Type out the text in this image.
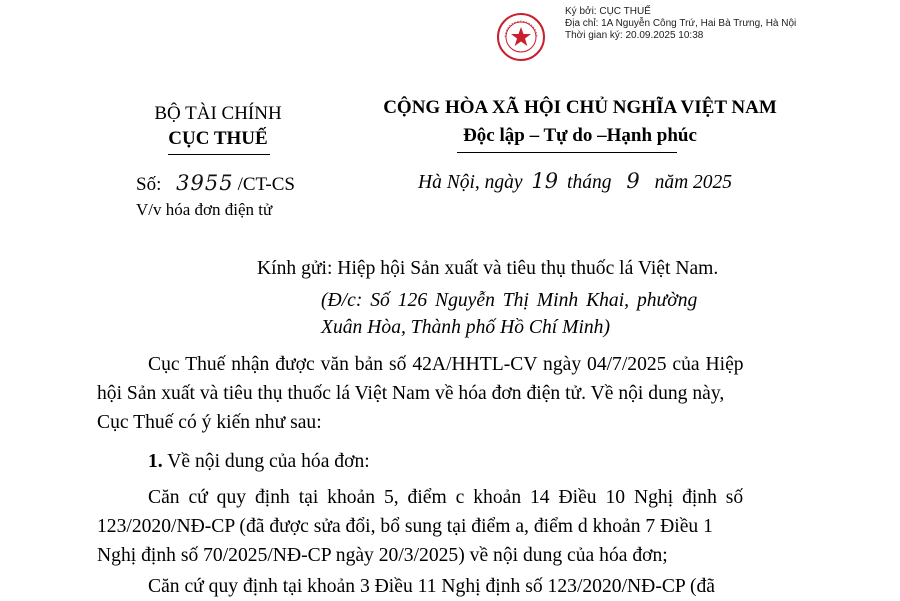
Ký bởi: CỤC THUẾ
Địa chỉ: 1A Nguyễn Công Trứ, Hai Bà Trưng, Hà Nội
Thời gian ký: 20.09.2025 10:38
BỘ TÀI CHÍNH
CỤC THUẾ
Số: 3955 /CT-CS
V/v hóa đơn điện tử
CỘNG HÒA XÃ HỘI CHỦ NGHĨA VIỆT NAM
Độc lập – Tự do –Hạnh phúc
Hà Nội, ngày 19 tháng 9 năm 2025
Kính gửi: Hiệp hội Sản xuất và tiêu thụ thuốc lá Việt Nam.
(Đ/c: Số 126 Nguyễn Thị Minh Khai, phường
Xuân Hòa, Thành phố Hồ Chí Minh)
Cục Thuế nhận được văn bản số 42A/HHTL-CV ngày 04/7/2025 của Hiệp
hội Sản xuất và tiêu thụ thuốc lá Việt Nam về hóa đơn điện tử. Về nội dung này,
Cục Thuế có ý kiến như sau:
1. Về nội dung của hóa đơn:
Căn cứ quy định tại khoản 5, điểm c khoản 14 Điều 10 Nghị định số
123/2020/NĐ-CP (đã được sửa đổi, bổ sung tại điểm a, điểm d khoản 7 Điều 1
Nghị định số 70/2025/NĐ-CP ngày 20/3/2025) về nội dung của hóa đơn;
Căn cứ quy định tại khoản 3 Điều 11 Nghị định số 123/2020/NĐ-CP (đã
